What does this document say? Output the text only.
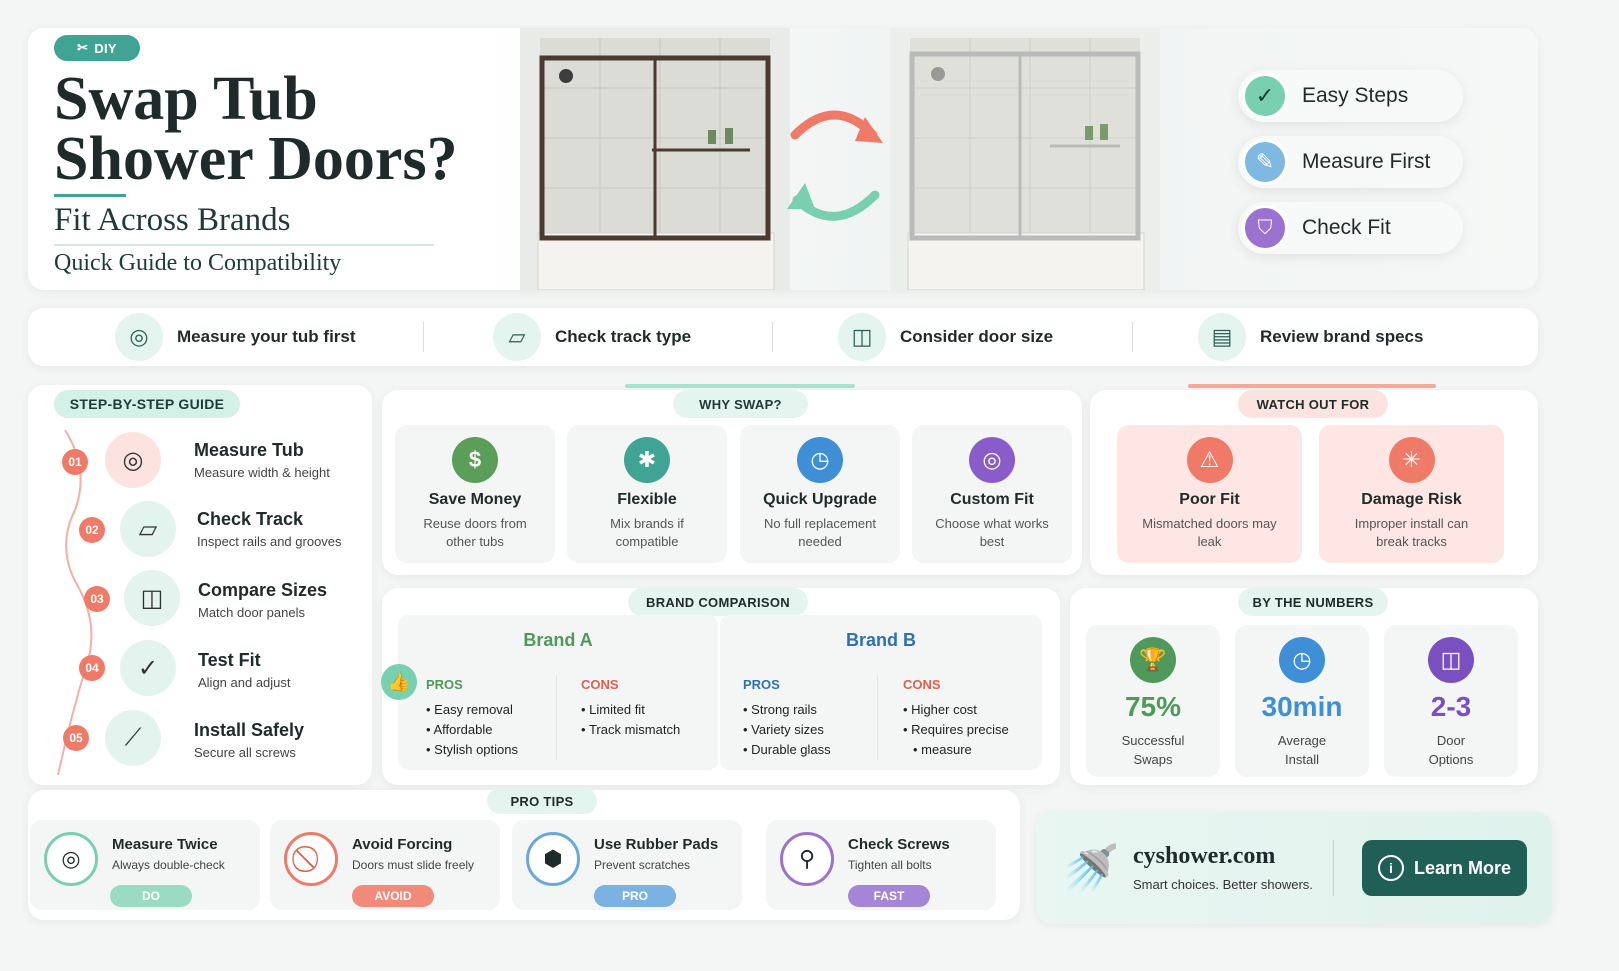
✂ DIY
Swap Tub
Shower Doors?
Fit Across Brands
Quick Guide to Compatibility
✓	Easy Steps
✎	Measure First
⛉	Check Fit
◎	Measure your tub first	▱	Check track type	◫	Consider door size	▤	Review brand specs
STEP-BY-STEP GUIDE
01	◎	Measure Tub
Measure width & height
02	▱	Check Track
Inspect rails and grooves
03	◫	Compare Sizes
Match door panels
04	✓	Test Fit
Align and adjust
05	⟋	Install Safely
Secure all screws
WHY SWAP?
$
Save Money
Reuse doors from other tubs
✱
Flexible
Mix brands if compatible
◷
Quick Upgrade
No full replacement needed
◎
Custom Fit
Choose what works best
WATCH OUT FOR
⚠
Poor Fit
Mismatched doors may leak
✳
Damage Risk
Improper install can break tracks
BRAND COMPARISON
👍
Brand A
PROS
• Easy removal
• Affordable
• Stylish options
CONS
• Limited fit
• Track mismatch
Brand B
PROS
• Strong rails
• Variety sizes
• Durable glass
CONS
• Higher cost
• Requires precise
• measure
BY THE NUMBERS
🏆
75%
Successful
Swaps
◷
30min
Average
Install
◫
2-3
Door
Options
PRO TIPS
◎
Measure Twice
Always double-check
DO
Avoid Forcing
Doors must slide freely
AVOID
⬢
Use Rubber Pads
Prevent scratches
PRO
⚲
Check Screws
Tighten all bolts
FAST
🚿 cyshower.com
Smart choices. Better showers.
i	Learn More
